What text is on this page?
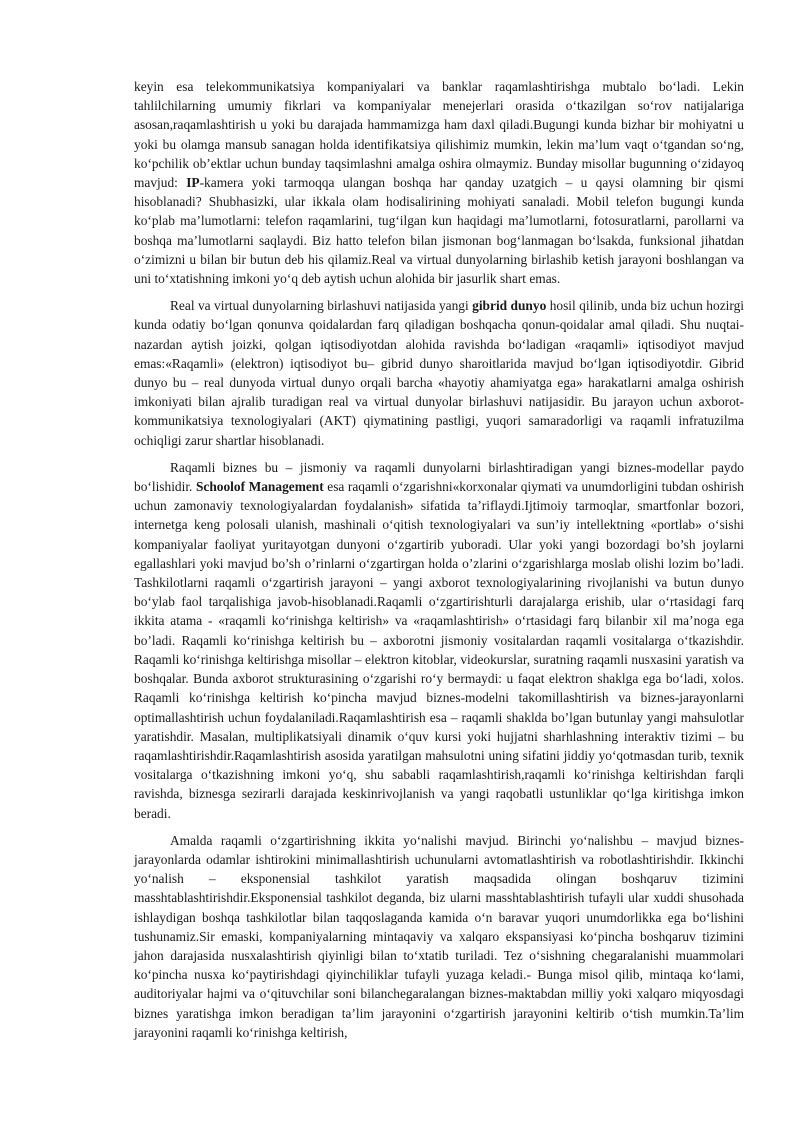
keyin esa telekommunikatsiya kompaniyalari va banklar raqamlashtirishga mubtalo bo‘ladi. Lekin tahlilchilarning umumiy fikrlari va kompaniyalar menejerlari orasida o‘tkazilgan so‘rov natijalariga asosan,raqamlashtirish u yoki bu darajada hammamizga ham daxl qiladi.Bugungi kunda bizhar bir mohiyatni u yoki bu olamga mansub sanagan holda identifikatsiya qilishimiz mumkin, lekin ma’lum vaqt o‘tgandan so‘ng, ko‘pchilik ob’ektlar uchun bunday taqsimlashni amalga oshira olmaymiz. Bunday misollar bugunning o‘zidayoq mavjud: IP-kamera yoki tarmoqqa ulangan boshqa har qanday uzatgich – u qaysi olamning bir qismi hisoblanadi? Shubhasizki, ular ikkala olam hodisalirining mohiyati sanaladi. Mobil telefon bugungi kunda ko‘plab ma’lumotlarni: telefon raqamlarini, tug‘ilgan kun haqidagi ma’lumotlarni, fotosuratlarni, parollarni va boshqa ma’lumotlarni saqlaydi. Biz hatto telefon bilan jismonan bog‘lanmagan bo‘lsakda, funksional jihatdan o‘zimizni u bilan bir butun deb his qilamiz.Real va virtual dunyolarning birlashib ketish jarayoni boshlangan va uni to‘xtatishning imkoni yo‘q deb aytish uchun alohida bir jasurlik shart emas.

Real va virtual dunyolarning birlashuvi natijasida yangi gibrid dunyo hosil qilinib, unda biz uchun hozirgi kunda odatiy bo‘lgan qonunva qoidalardan farq qiladigan boshqacha qonun-qoidalar amal qiladi. Shu nuqtai-nazardan aytish joizki, qolgan iqtisodiyotdan alohida ravishda bo‘ladigan «raqamli» iqtisodiyot mavjud emas:«Raqamli» (elektron) iqtisodiyot bu– gibrid dunyo sharoitlarida mavjud bo‘lgan iqtisodiyotdir. Gibrid dunyo bu – real dunyoda virtual dunyo orqali barcha «hayotiy ahamiyatga ega» harakatlarni amalga oshirish imkoniyati bilan ajralib turadigan real va virtual dunyolar birlashuvi natijasidir. Bu jarayon uchun axborot-kommunikatsiya texnologiyalari (AKT) qiymatining pastligi, yuqori samaradorligi va raqamli infratuzilma ochiqligi zarur shartlar hisoblanadi.

Raqamli biznes bu – jismoniy va raqamli dunyolarni birlashtiradigan yangi biznes-modellar paydo bo‘lishidir. Schoolof Management esa raqamli o‘zgarishni«korxonalar qiymati va unumdorligini tubdan oshirish uchun zamonaviy texnologiyalardan foydalanish» sifatida ta’riflaydi.Ijtimoiy tarmoqlar, smartfonlar bozori, internetga keng polosali ulanish, mashinali o‘qitish texnologiyalari va sun’iy intellektning «portlab» o‘sishi kompaniyalar faoliyat yuritayotgan dunyoni o‘zgartirib yuboradi. Ular yoki yangi bozordagi bo’sh joylarni egallashlari yoki mavjud bo’sh o’rinlarni o‘zgartirgan holda o’zlarini o‘zgarishlarga moslab olishi lozim bo’ladi. Tashkilotlarni raqamli o‘zgartirish jarayoni – yangi axborot texnologiyalarining rivojlanishi va butun dunyo bo‘ylab faol tarqalishiga javob-hisoblanadi.Raqamli o‘zgartirishturli darajalarga erishib, ular o‘rtasidagi farq ikkita atama - «raqamli ko‘rinishga keltirish» va «raqamlashtirish» o‘rtasidagi farq bilanbir xil ma’noga ega bo’ladi. Raqamli ko‘rinishga keltirish bu – axborotni jismoniy vositalardan raqamli vositalarga o‘tkazishdir. Raqamli ko‘rinishga keltirishga misollar – elektron kitoblar, videokurslar, suratning raqamli nusxasini yaratish va boshqalar. Bunda axborot strukturasining o‘zgarishi ro‘y bermaydi: u faqat elektron shaklga ega bo‘ladi, xolos. Raqamli ko‘rinishga keltirish ko‘pincha mavjud biznes-modelni takomillashtirish va biznes-jarayonlarni optimallashtirish uchun foydalaniladi.Raqamlashtirish esa – raqamli shaklda bo’lgan butunlay yangi mahsulotlar yaratishdir. Masalan, multiplikatsiyali dinamik o‘quv kursi yoki hujjatni sharhlashning interaktiv tizimi – bu raqamlashtirishdir.Raqamlashtirish asosida yaratilgan mahsulotni uning sifatini jiddiy yo‘qotmasdan turib, texnik vositalarga o‘tkazishning imkoni yo‘q, shu sababli raqamlashtirish,raqamli ko‘rinishga keltirishdan farqli ravishda, biznesga sezirarli darajada keskinrivojlanish va yangi raqobatli ustunliklar qo‘lga kiritishga imkon beradi.

Amalda raqamli o‘zgartirishning ikkita yo‘nalishi mavjud. Birinchi yo‘nalishbu – mavjud biznes-jarayonlarda odamlar ishtirokini minimallashtirish uchunularni avtomatlashtirish va robotlashtirishdir. Ikkinchi yo‘nalish – eksponensial tashkilot yaratish maqsadida olingan boshqaruv tizimini masshtablashtirishdir.Eksponensial tashkilot deganda, biz ularni masshtablashtirish tufayli ular xuddi shusohada ishlaydigan boshqa tashkilotlar bilan taqqoslaganda kamida o‘n baravar yuqori unumdorlikka ega bo‘lishini tushunamiz.Sir emaski, kompaniyalarning mintaqaviy va xalqaro ekspansiyasi ko‘pincha boshqaruv tizimini jahon darajasida nusxalashtirish qiyinligi bilan to‘xtatib turiladi. Tez o‘sishning chegaralanishi muammolari ko‘pincha nusxa ko‘paytirishdagi qiyinchiliklar tufayli yuzaga keladi.- Bunga misol qilib, mintaqa ko‘lami, auditoriyalar hajmi va o‘qituvchilar soni bilanchegaralangan biznes-maktabdan milliy yoki xalqaro miqyosdagi biznes yaratishga imkon beradigan ta’lim jarayonini o‘zgartirish jarayonini keltirib o‘tish mumkin.Ta’lim jarayonini raqamli ko‘rinishga keltirish,
